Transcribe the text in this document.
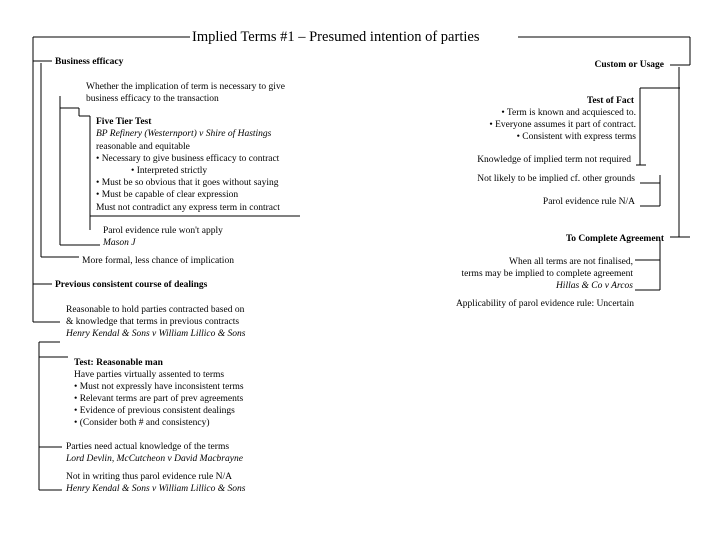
Implied Terms #1 – Presumed intention of parties
Business efficacy
Whether the implication of term is necessary to give
business efficacy to the transaction
Five Tier Test
BP Refinery (Westernport) v Shire of Hastings
reasonable and equitable
• Necessary to give business efficacy to contract
• Interpreted strictly
• Must be so obvious that it goes without saying
• Must be capable of clear expression
Must not contradict any express term in contract
Parol evidence rule won't apply
Mason J
More formal, less chance of implication
Previous consistent course of dealings
Reasonable to hold parties contracted based on
& knowledge that terms in previous contracts
Henry Kendal & Sons v William Lillico & Sons
Test: Reasonable man
Have parties virtually assented to terms
• Must not expressly have inconsistent terms
• Relevant terms are part of prev agreements
• Evidence of previous consistent dealings
• (Consider both # and consistency)
Parties need actual knowledge of the terms
Lord Devlin, McCutcheon v David Macbrayne
Not in writing thus parol evidence rule N/A
Henry Kendal & Sons v William Lillico & Sons
Custom or Usage
Test of Fact
• Term is known and acquiesced to.
• Everyone assumes it part of contract.
• Consistent with express terms
Knowledge of implied term not required
Not likely to be implied cf. other grounds
Parol evidence rule N/A
To Complete Agreement
When all terms are not finalised,
terms may be implied to complete agreement
Hillas & Co v Arcos
Applicability of parol evidence rule: Uncertain
